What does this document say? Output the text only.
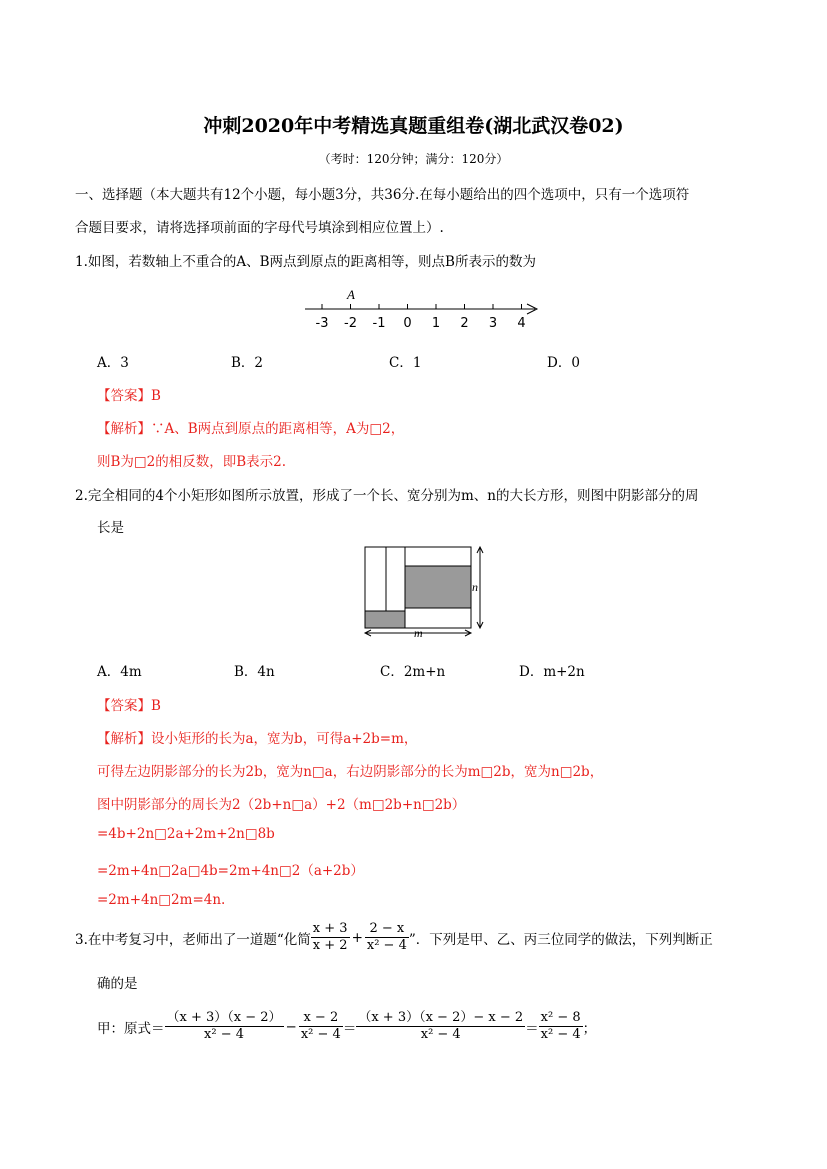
冲刺2020年中考精选真题重组卷(湖北武汉卷02)
（考时：120分钟；满分：120分）
一、选择题（本大题共有12个小题，每小题3分，共36分.在每小题给出的四个选项中，只有一个选项符
合题目要求，请将选择项前面的字母代号填涂到相应位置上）.
1.如图，若数轴上不重合的A、B两点到原点的距离相等，则点B所表示的数为
-3 -2 -1 0 1 2 3 4
A
A．3	B．2	C．1	D．0
【答案】B
【解析】∵A、B两点到原点的距离相等，A为□2，
则B为□2的相反数，即B表示2.
2.完全相同的4个小矩形如图所示放置，形成了一个长、宽分别为m、n的大长方形，则图中阴影部分的周
长是
n
m
A．4m	B．4n	C．2m+n	D．m+2n
【答案】B
【解析】设小矩形的长为a，宽为b，可得a+2b=m，
可得左边阴影部分的长为2b，宽为n□a，右边阴影部分的长为m□2b，宽为n□2b，
图中阴影部分的周长为2（2b+n□a）+2（m□2b+n□2b）
=4b+2n□2a+2m+2n□8b
=2m+4n□2a□4b=2m+4n□2（a+2b）
=2m+4n□2m=4n.
3.在中考复习中，老师出了一道题“化简 $\frac{x + 3}{x + 2} + \frac{2 - x}{\text{x² − 4}}$ ”．下列是甲、乙、丙三位同学的做法，下列判断正
确的是
甲：原式＝ $\frac{(x + 3)(x - 2)}{\text{x² − 4}} - \frac{x - 2}{\text{x² − 4}} = \frac{(x + 3)(x - 2)- x - 2}{\text{x² − 4}} = \frac{\text{x² − 8}}{\text{x² − 4}}$ ；
